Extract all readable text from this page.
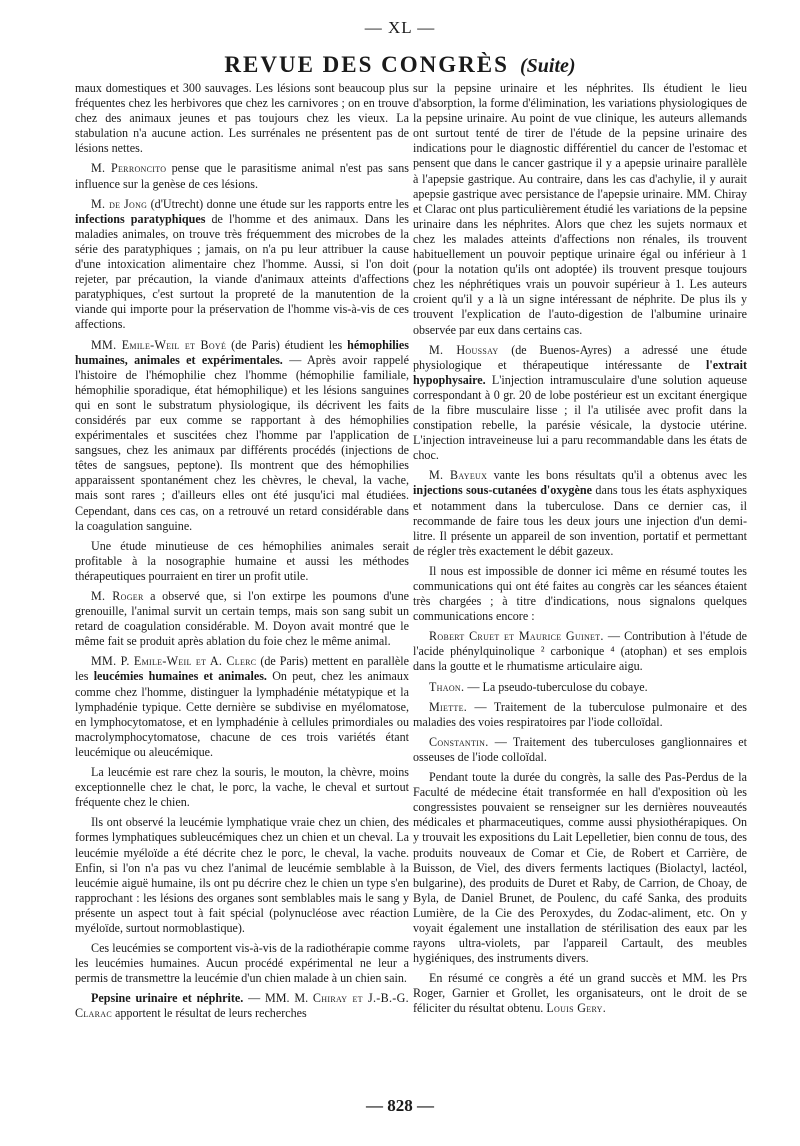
— XL —
REVUE DES CONGRÈS (Suite)

maux domestiques et 300 sauvages. Les lésions sont beaucoup plus fréquentes chez les herbivores que chez les carnivores ; on en trouve chez des animaux jeunes et pas toujours chez les vieux. La stabulation n'a aucune action. Les surrénales ne présentent pas de lésions nettes.

M. Perroncito pense que le parasitisme animal n'est pas sans influence sur la genèse de ces lésions.

M. de Jong (d'Utrecht) donne une étude sur les rapports entre les infections paratyphiques de l'homme et des animaux. Dans les maladies animales, on trouve très fréquemment des microbes de la série des paratyphiques ; jamais, on n'a pu leur attribuer la cause d'une intoxication alimentaire chez l'homme. Aussi, si l'on doit rejeter, par précaution, la viande d'animaux atteints d'affections paratyphiques, c'est surtout la propreté de la manutention de la viande qui importe pour la préservation de l'homme vis-à-vis de ces affections.

MM. Emile-Weil et Boyé (de Paris) étudient les hémophilies humaines, animales et expérimentales. — Après avoir rappelé l'histoire de l'hémophilie chez l'homme (hémophilie familiale, hémophilie sporadique, état hémophilique) et les lésions sanguines qui en sont le substratum physiologique, ils décrivent les faits considérés par eux comme se rapportant à des hémophilies expérimentales et suscitées chez l'homme par l'application de sangsues, chez les animaux par différents procédés (injections de têtes de sangsues, peptone). Ils montrent que des hémophilies apparaissent spontanément chez les chèvres, le cheval, la vache, mais sont rares ; d'ailleurs elles ont été jusqu'ici mal étudiées. Cependant, dans ces cas, on a retrouvé un retard considérable dans la coagulation sanguine.

Une étude minutieuse de ces hémophilies animales serait profitable à la nosographie humaine et aussi les méthodes thérapeutiques pourraient en tirer un profit utile.

M. Roger a observé que, si l'on extirpe les poumons d'une grenouille, l'animal survit un certain temps, mais son sang subit un retard de coagulation considérable. M. Doyon avait montré que le même fait se produit après ablation du foie chez le même animal.

MM. P. Emile-Weil et A. Clerc (de Paris) mettent en parallèle les leucémies humaines et animales. On peut, chez les animaux comme chez l'homme, distinguer la lymphadénie métatypique et la lymphadénie typique. Cette dernière se subdivise en myélomatose, en lymphocytomatose, et en lymphadénie à cellules primordiales ou macrolymphocytomatose, chacune de ces trois variétés étant leucémique ou aleucémique.

La leucémie est rare chez la souris, le mouton, la chèvre, moins exceptionnelle chez le chat, le porc, la vache, le cheval et surtout fréquente chez le chien.

Ils ont observé la leucémie lymphatique vraie chez un chien, des formes lymphatiques subleucémiques chez un chien et un cheval. La leucémie myéloïde a été décrite chez le porc, le cheval, la vache. Enfin, si l'on n'a pas vu chez l'animal de leucémie semblable à la leucémie aiguë humaine, ils ont pu décrire chez le chien un type s'en rapprochant : les lésions des organes sont semblables mais le sang y présente un aspect tout à fait spécial (polynucléose avec réaction myéloïde, surtout normoblastique).

Ces leucémies se comportent vis-à-vis de la radiothérapie comme les leucémies humaines. Aucun procédé expérimental ne leur a permis de transmettre la leucémie d'un chien malade à un chien sain.

Pepsine urinaire et néphrite. — MM. M. Chiray et J.-B.-G. Clarac apportent le résultat de leurs recherches

sur la pepsine urinaire et les néphrites. Ils étudient le lieu d'absorption, la forme d'élimination, les variations physiologiques de la pepsine urinaire. Au point de vue clinique, les auteurs allemands ont surtout tenté de tirer de l'étude de la pepsine urinaire des indications pour le diagnostic différentiel du cancer de l'estomac et pensent que dans le cancer gastrique il y a apepsie urinaire parallèle à l'apepsie gastrique. Au contraire, dans les cas d'achylie, il y aurait apepsie gastrique avec persistance de l'apepsie urinaire. MM. Chiray et Clarac ont plus particulièrement étudié les variations de la pepsine urinaire dans les néphrites. Alors que chez les sujets normaux et chez les malades atteints d'affections non rénales, ils trouvent habituellement un pouvoir peptique urinaire égal ou inférieur à 1 (pour la notation qu'ils ont adoptée) ils trouvent presque toujours chez les néphrétiques vrais un pouvoir supérieur à 1. Les auteurs croient qu'il y a là un signe intéressant de néphrite. De plus ils y trouvent l'explication de l'auto-digestion de l'albumine urinaire observée par eux dans certains cas.

M. Houssay (de Buenos-Ayres) a adressé une étude physiologique et thérapeutique intéressante de l'extrait hypophysaire. L'injection intramusculaire d'une solution aqueuse correspondant à 0 gr. 20 de lobe postérieur est un excitant énergique de la fibre musculaire lisse ; il l'a utilisée avec profit dans la constipation rebelle, la parésie vésicale, la dystocie utérine. L'injection intraveineuse lui a paru recommandable dans les états de choc.

M. Bayeux vante les bons résultats qu'il a obtenus avec les injections sous-cutanées d'oxygène dans tous les états asphyxiques et notamment dans la tuberculose. Dans ce dernier cas, il recommande de faire tous les deux jours une injection d'un demi-litre. Il présente un appareil de son invention, portatif et permettant de régler très exactement le débit gazeux.

Il nous est impossible de donner ici même en résumé toutes les communications qui ont été faites au congrès car les séances étaient très chargées ; à titre d'indications, nous signalons quelques communications encore :

Robert Cruet et Maurice Guinet. — Contribution à l'étude de l'acide phénylquinolique ² carbonique ⁴ (atophan) et ses emplois dans la goutte et le rhumatisme articulaire aigu.

Thaon. — La pseudo-tuberculose du cobaye.

Miette. — Traitement de la tuberculose pulmonaire et des maladies des voies respiratoires par l'iode colloïdal.

Constantin. — Traitement des tuberculoses ganglionnaires et osseuses de l'iode colloïdal.

Pendant toute la durée du congrès, la salle des Pas-Perdus de la Faculté de médecine était transformée en hall d'exposition où les congressistes pouvaient se renseigner sur les dernières nouveautés médicales et pharmaceutiques, comme aussi physiothérapiques. On y trouvait les expositions du Lait Lepelletier, bien connu de tous, des produits nouveaux de Comar et Cie, de Robert et Carrière, de Buisson, de Viel, des divers ferments lactiques (Biolactyl, lactéol, bulgarine), des produits de Duret et Raby, de Carrion, de Choay, de Byla, de Daniel Brunet, de Poulenc, du café Sanka, des produits Lumière, de la Cie des Peroxydes, du Zodac-aliment, etc. On y voyait également une installation de stérilisation des eaux par les rayons ultra-violets, par l'appareil Cartault, des meubles hygiéniques, des instruments divers.

En résumé ce congrès a été un grand succès et MM. les Prs Roger, Garnier et Grollet, les organisateurs, ont le droit de se féliciter du résultat obtenu. Louis Gery.

— 828 —
